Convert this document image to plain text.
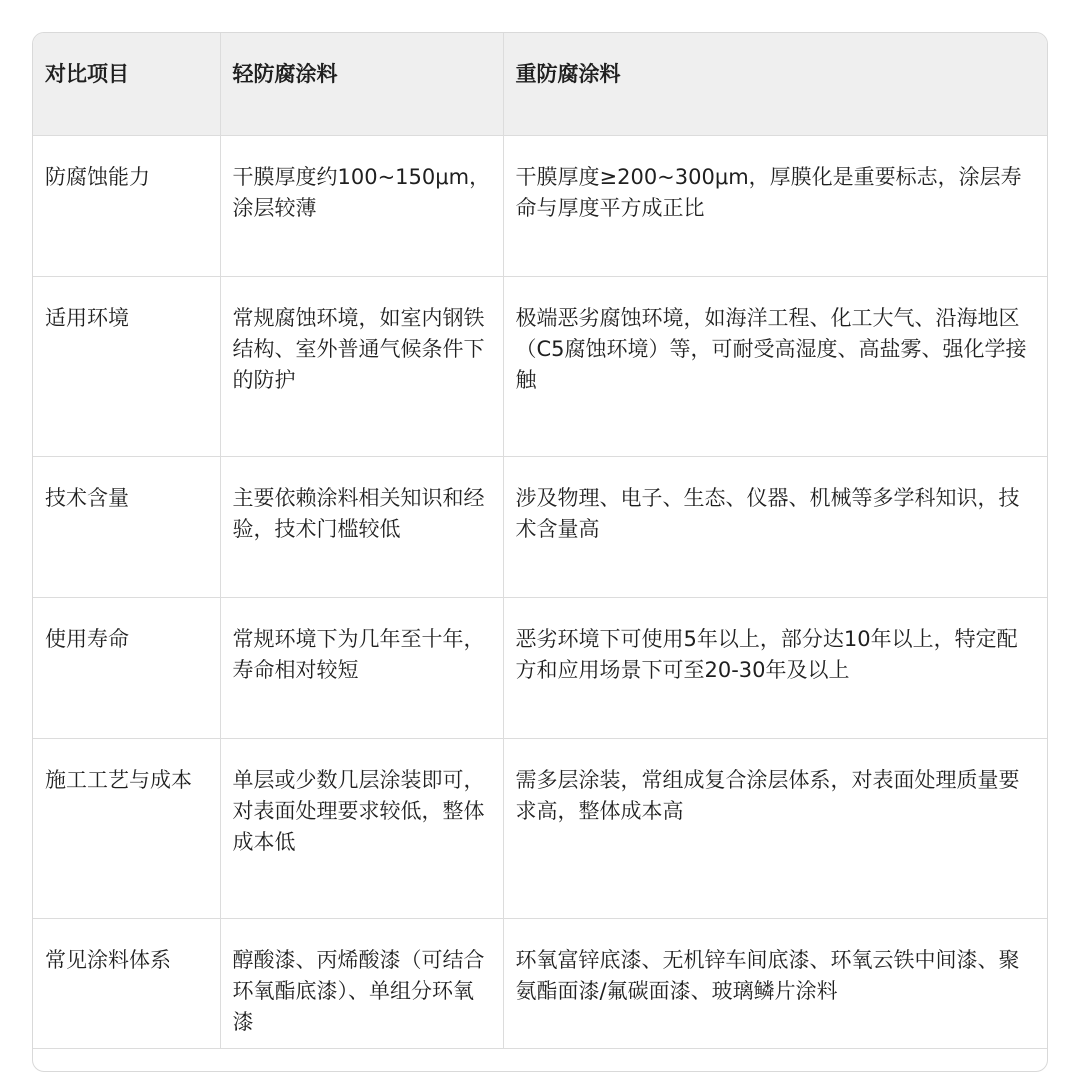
对比项目	轻防腐涂料	重防腐涂料
防腐蚀能力	干膜厚度约100~150μm，涂层较薄	干膜厚度≥200~300μm，厚膜化是重要标志，涂层寿命与厚度平方成正比
适用环境	常规腐蚀环境，如室内钢铁结构、室外普通气候条件下的防护	极端恶劣腐蚀环境，如海洋工程、化工大气、沿海地区（C5腐蚀环境）等，可耐受高湿度、高盐雾、强化学接触
技术含量	主要依赖涂料相关知识和经验，技术门槛较低	涉及物理、电子、生态、仪器、机械等多学科知识，技术含量高
使用寿命	常规环境下为几年至十年，寿命相对较短	恶劣环境下可使用5年以上，部分达10年以上，特定配方和应用场景下可至20-30年及以上
施工工艺与成本	单层或少数几层涂装即可，对表面处理要求较低，整体成本低	需多层涂装，常组成复合涂层体系，对表面处理质量要求高，整体成本高
常见涂料体系	醇酸漆、丙烯酸漆（可结合环氧酯底漆）、单组分环氧漆	环氧富锌底漆、无机锌车间底漆、环氧云铁中间漆、聚氨酯面漆/氟碳面漆、玻璃鳞片涂料
